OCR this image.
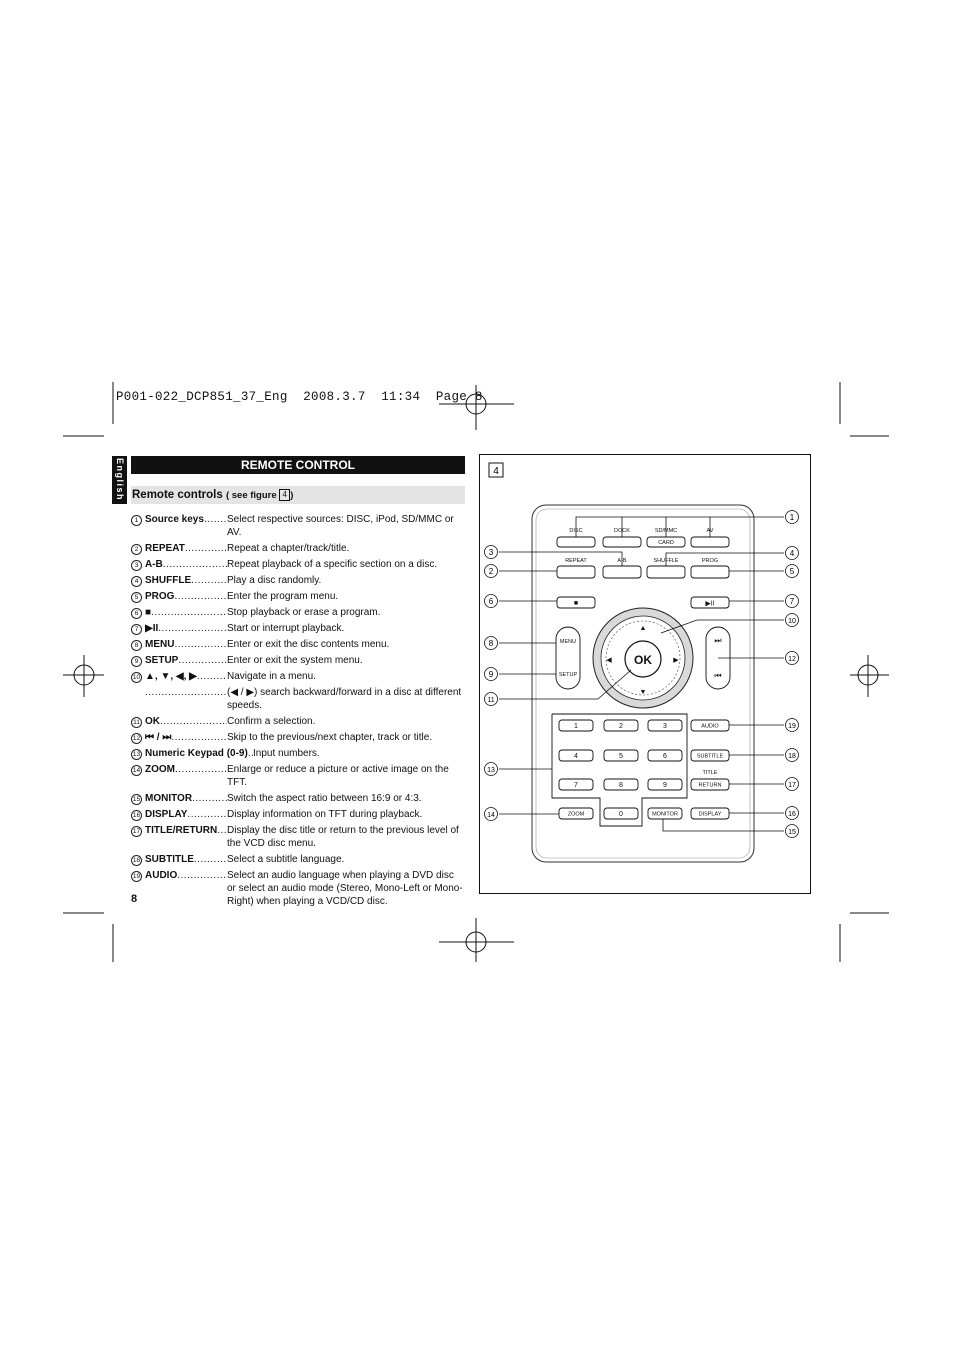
P001-022_DCP851_37_Eng  2008.3.7  11:34  Page 8
English	REMOTE CONTROL
Remote controls ( see figure 4 )
1 Source keys ..... Select respective sources: DISC, iPod, SD/MMC or AV.
2 REPEAT .....	Repeat a chapter/track/title.
3 A-B .....	Repeat playback of a specific section on a disc.
4 SHUFFLE .....	Play a disc randomly.
5 PROG .....	Enter the program menu.
6 ■ .....	Stop playback or erase a program.
7 ▶II .....	Start or interrupt playback.
8 MENU .....	Enter or exit the disc contents menu.
9 SETUP .....	Enter or exit the system menu.
10 ▲, ▼, ◀, ▶ .....	Navigate in a menu.
.....
(◀ / ▶) search backward/forward in a disc at different speeds.
11 OK .....	Confirm a selection.
12 ⏮ / ⏭ .....	Skip to the previous/next chapter, track or title.
13 Numeric Keypad (0-9) ..... Input numbers.
14 ZOOM .....	Enlarge or reduce a picture or active image on the TFT.
15 MONITOR .....	Switch the aspect ratio between 16:9 or 4:3.
16 DISPLAY .....	Display information on TFT during playback.
17 TITLE/RETURN ..... Display the disc title or return to the previous level of the VCD disc menu.
18 SUBTITLE .....	Select a subtitle language.
19 AUDIO .....	Select an audio language when playing a DVD disc or select an audio mode (Stereo, Mono-Left or Mono-Right) when playing a VCD/CD disc.
8
4
DISC	DOCK	SD/MMC
CARD
AV
REPEAT	A-B	SHUFFLE	PROG
MENU
SETUP
TITLE
AUDIO
SUBTITLE
RETURN
ZOOM	MONITOR	DISPLAY
1	2	3
4	5	6
7	8	9
0
■	▶II
⏭
⏮
▲
▼
◀	▶
OK
1
2
3	4
5
6	7
8
9
10
11
12
13
14
15
16
17
18
19
